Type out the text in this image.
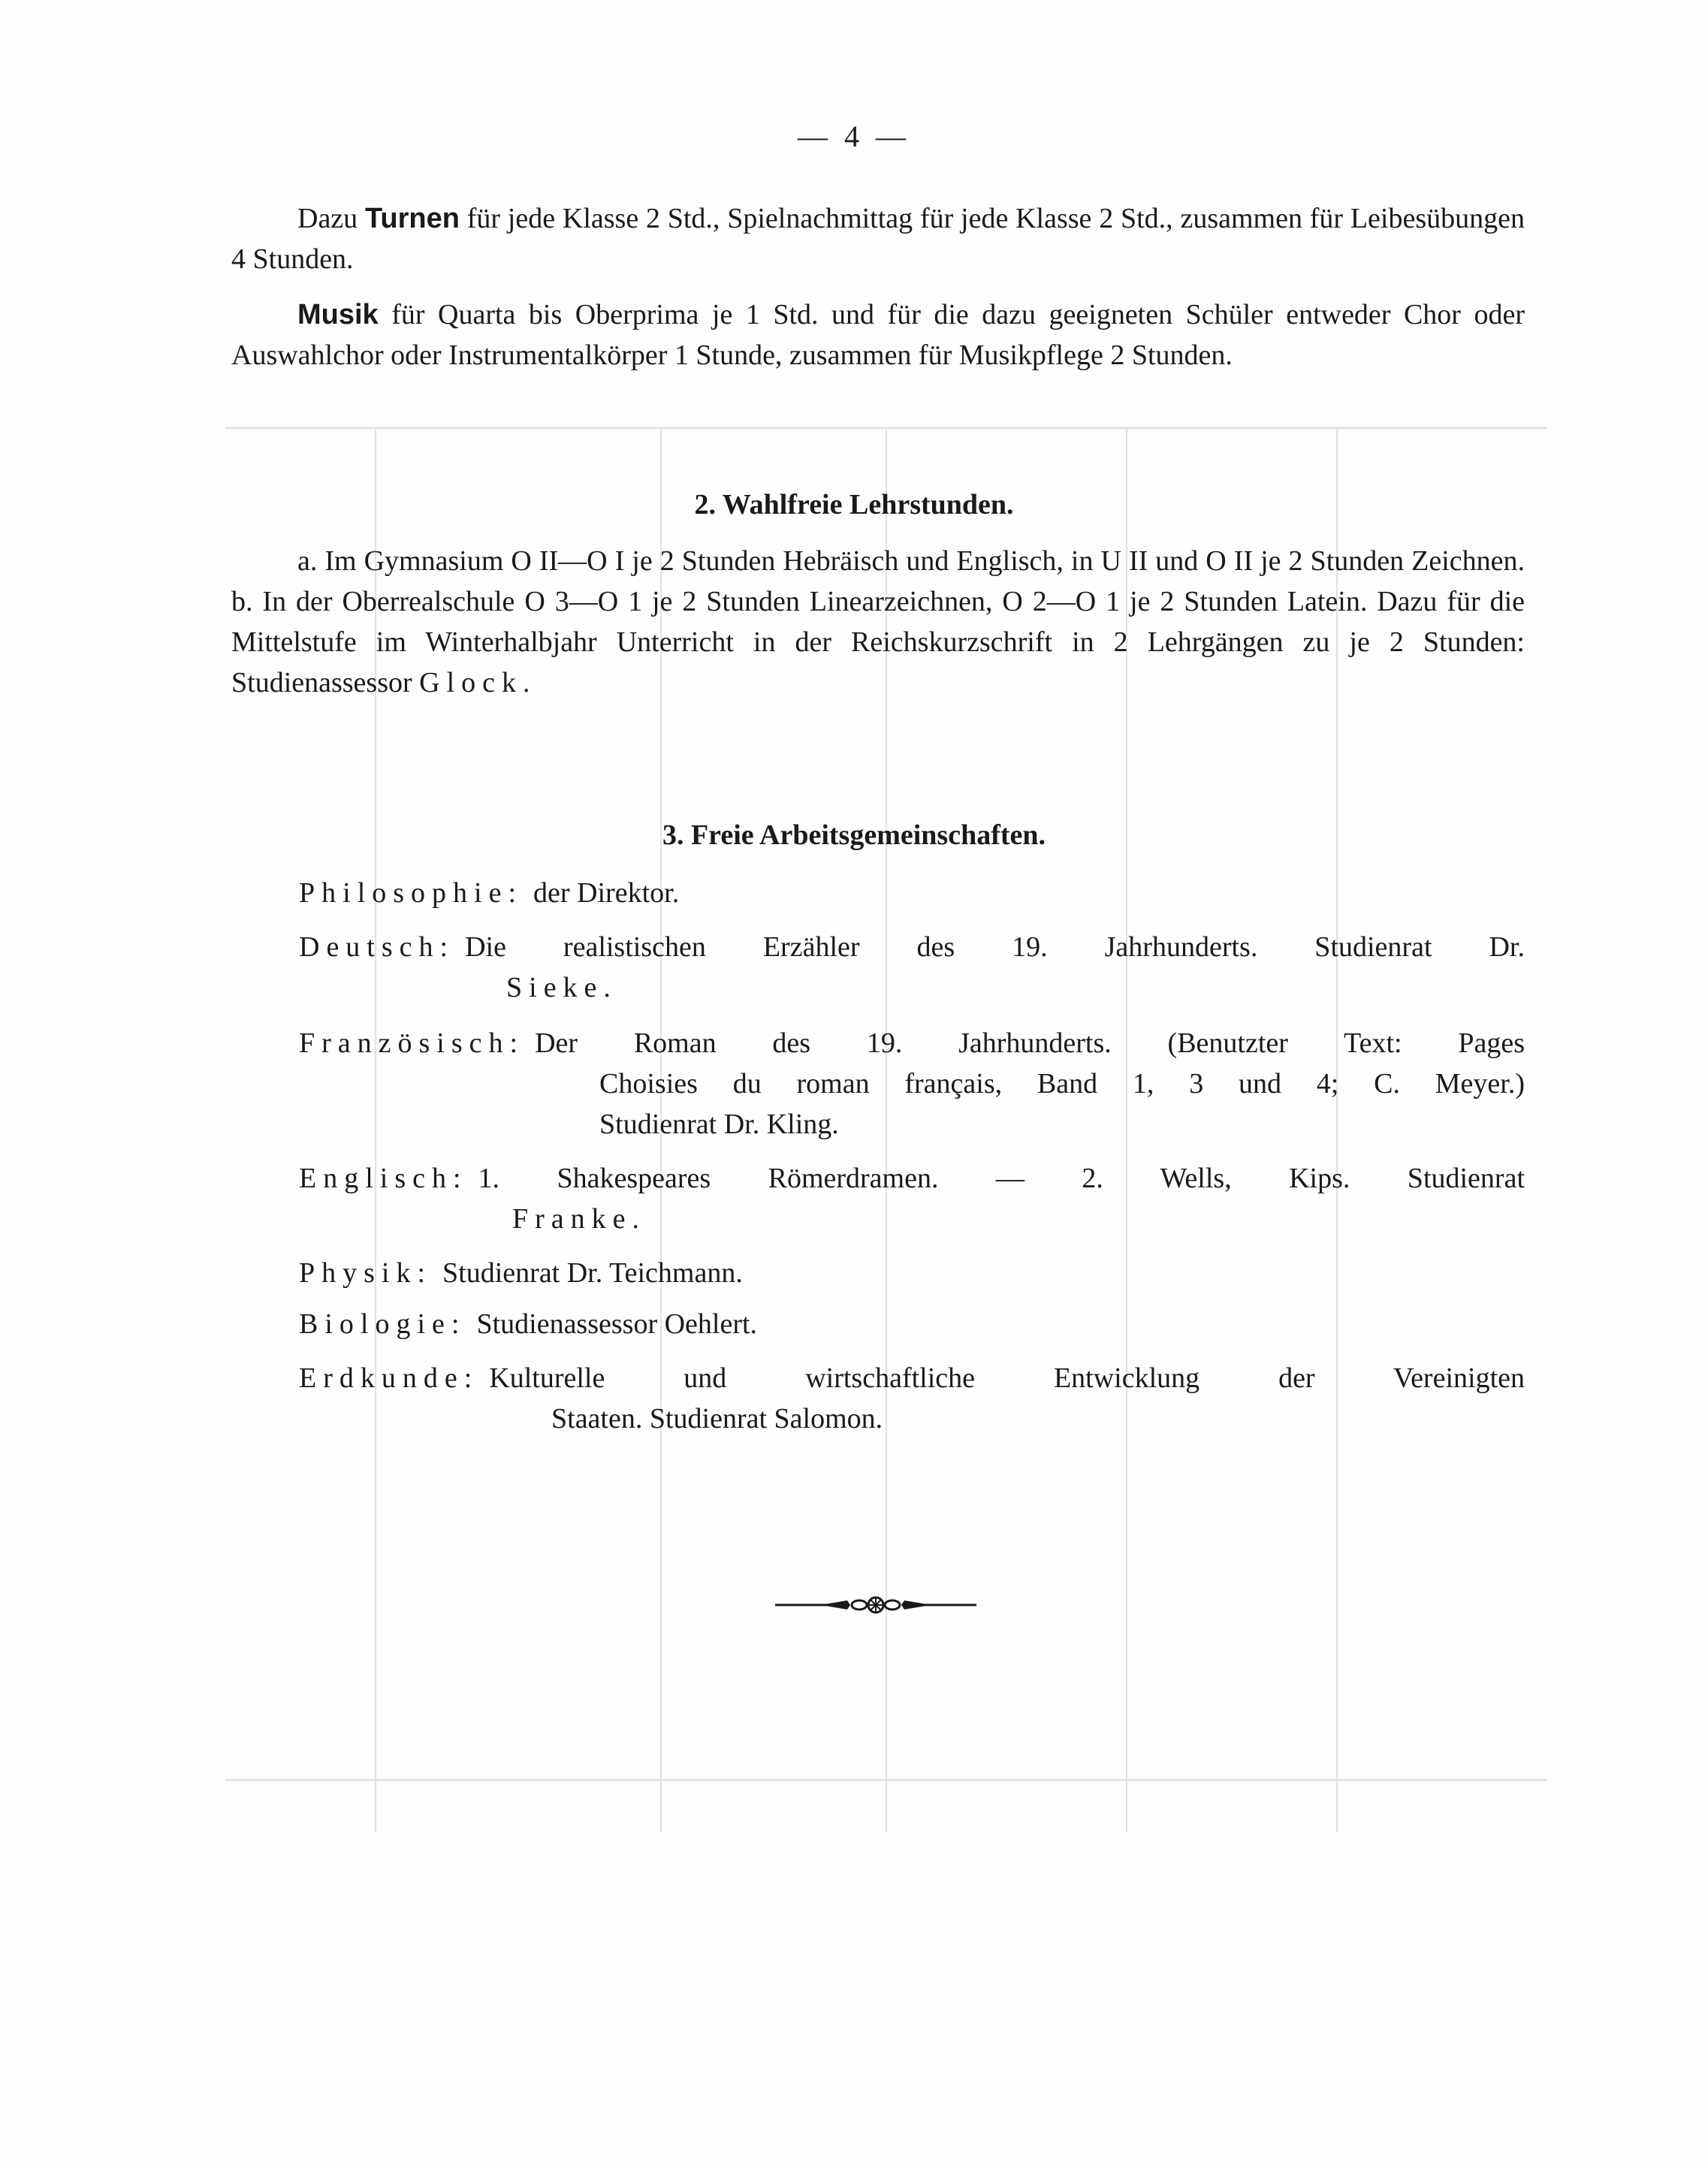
— 4 —
Dazu Turnen für jede Klasse 2 Std., Spielnachmittag für jede Klasse 2 Std., zusammen für Leibesübungen 4 Stunden.
Musik für Quarta bis Oberprima je 1 Std. und für die dazu geeigneten Schüler entweder Chor oder Auswahlchor oder Instrumentalkörper 1 Stunde, zusammen für Musikpflege 2 Stunden.
2. Wahlfreie Lehrstunden.
a. Im Gymnasium O II—O I je 2 Stunden Hebräisch und Englisch, in U II und O II je 2 Stunden Zeichnen. b. In der Oberrealschule O 3—O 1 je 2 Stunden Linearzeichnen, O 2—O 1 je 2 Stunden Latein. Dazu für die Mittelstufe im Winterhalbjahr Unterricht in der Reichskurzschrift in 2 Lehrgängen zu je 2 Stunden: Studienassessor Glock.
3. Freie Arbeitsgemeinschaften.
Philosophie: der Direktor.
Deutsch: Die realistischen Erzähler des 19. Jahrhunderts. Studienrat Dr.
Sieke.
Französisch: Der Roman des 19. Jahrhunderts. (Benutzter Text: Pages
Choisies du roman français, Band 1, 3 und 4; C. Meyer.)
Studienrat Dr. Kling.
Englisch: 1. Shakespeares Römerdramen. — 2. Wells, Kips. Studienrat
Franke.
Physik: Studienrat Dr. Teichmann.
Biologie: Studienassessor Oehlert.
Erdkunde: Kulturelle und wirtschaftliche Entwicklung der Vereinigten
Staaten. Studienrat Salomon.
